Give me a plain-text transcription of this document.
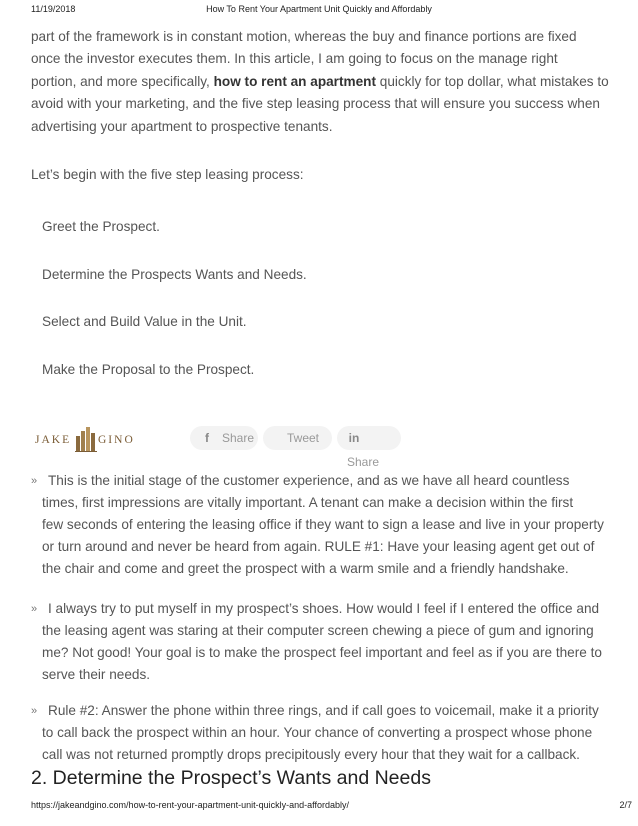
11/19/2018	How To Rent Your Apartment Unit Quickly and Affordably

part of the framework is in constant motion, whereas the buy and finance portions are fixed

once the investor executes them. In this article, I am going to focus on the manage right

portion, and more specifically, how to rent an apartment quickly for top dollar, what mistakes to

avoid with your marketing, and the five step leasing process that will ensure you success when

advertising your apartment to prospective tenants.

Let’s begin with the five step leasing process:

Greet the Prospect.
Determine the Prospects Wants and Needs.
Select and Build Value in the Unit.
Make the Proposal to the Prospect.
JAKE GINO	f Share	Tweet	inShare
» This is the initial stage of the customer experience, and as we have all heard countless
times, first impressions are vitally important. A tenant can make a decision within the first
few seconds of entering the leasing office if they want to sign a lease and live in your property
or turn around and never be heard from again. RULE #1: Have your leasing agent get out of
the chair and come and greet the prospect with a warm smile and a friendly handshake.
» I always try to put myself in my prospect’s shoes. How would I feel if I entered the office and
the leasing agent was staring at their computer screen chewing a piece of gum and ignoring
me? Not good! Your goal is to make the prospect feel important and feel as if you are there to
serve their needs.
» Rule #2: Answer the phone within three rings, and if call goes to voicemail, make it a priority
to call back the prospect within an hour. Your chance of converting a prospect whose phone
call was not returned promptly drops precipitously every hour that they wait for a callback.
2. Determine the Prospect’s Wants and Needs
https://jakeandgino.com/how-to-rent-your-apartment-unit-quickly-and-affordably/	2/7
